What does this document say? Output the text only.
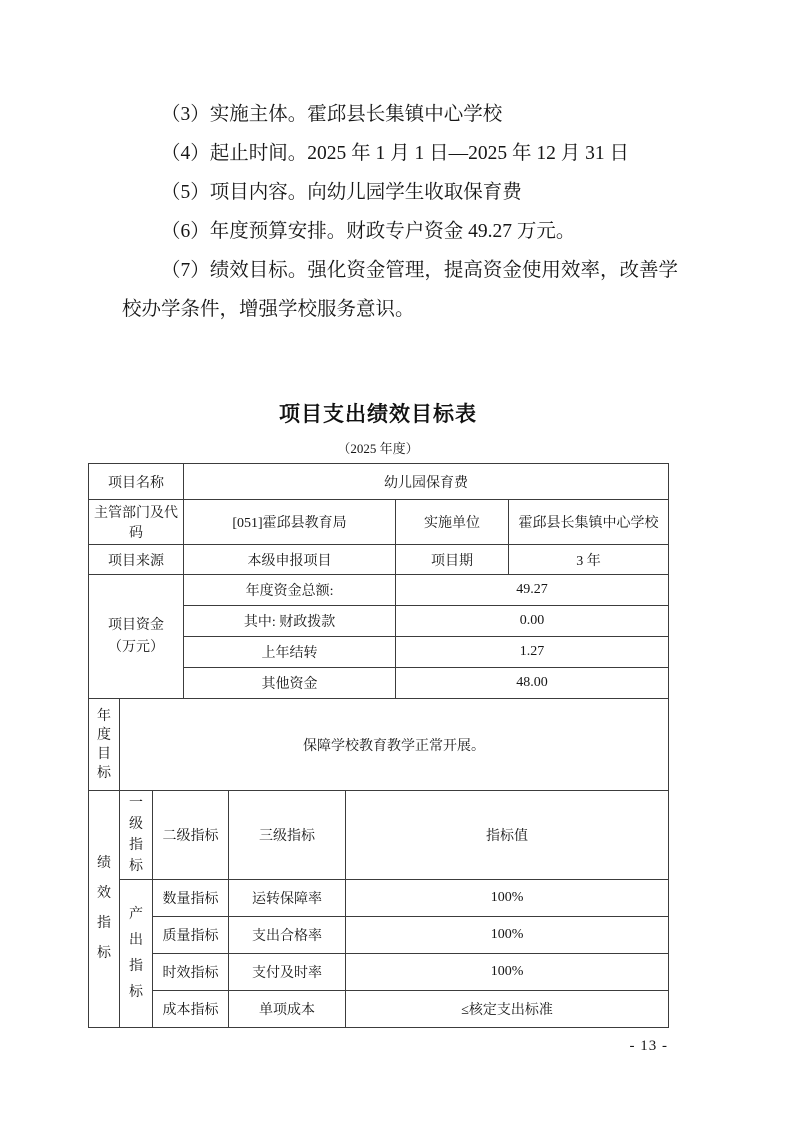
（3）实施主体。霍邱县长集镇中心学校

（4）起止时间。2025 年 1 月 1 日—2025 年 12 月 31 日

（5）项目内容。向幼儿园学生收取保育费

（6）年度预算安排。财政专户资金 49.27 万元。

（7）绩效目标。强化资金管理，提高资金使用效率，改善学校办学条件，增强学校服务意识。

项目支出绩效目标表
（2025 年度）
项目名称			幼儿园保育费				
主管部门及代码			[051]霍邱县教育局			实施单位	霍邱县长集镇中心学校
项目来源			本级申报项目			项目期	3 年
项目资金（万元）			年度资金总额:			49.27	
			其中: 财政拨款			0.00	
			上年结转			1.27	
			其他资金			48.00	
年度目标	保障学校教育教学正常开展。						
绩效指标	一级指标	二级指标		三级指标	指标值		
	产出指标	数量指标		运转保障率	100%		
		质量指标		支出合格率	100%		
		时效指标		支付及时率	100%		
		成本指标		单项成本	≤核定支出标准		
- 13 -
